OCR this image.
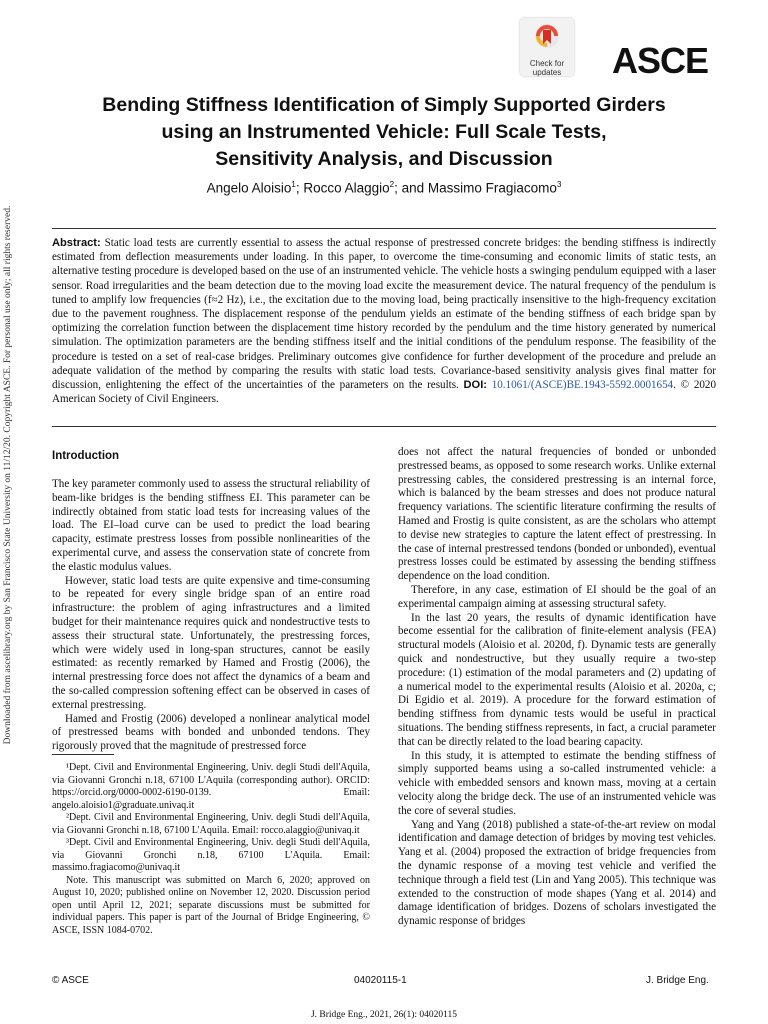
Check for
updates	ASCE
Bending Stiffness Identification of Simply Supported Girders
using an Instrumented Vehicle: Full Scale Tests,
Sensitivity Analysis, and Discussion
Angelo Aloisio$^1$; Rocco Alaggio$^2$; and Massimo Fragiacomo$^3$
Downloaded from ascelibrary.org by San Francisco State University on 11/12/20. Copyright ASCE. For personal use only; all rights reserved.	Abstract: Static load tests are currently essential to assess the actual response of prestressed concrete bridges: the bending stiffness is indirectly estimated from deflection measurements under loading. In this paper, to overcome the time-consuming and economic limits of static tests, an alternative testing procedure is developed based on the use of an instrumented vehicle. The vehicle hosts a swinging pendulum equipped with a laser sensor. Road irregularities and the beam detection due to the moving load excite the measurement device. The natural frequency of the pendulum is tuned to amplify low frequencies (f≈2 Hz), i.e., the excitation due to the moving load, being practically insensitive to the high-frequency excitation due to the pavement roughness. The displacement response of the pendulum yields an estimate of the bending stiffness of each bridge span by optimizing the correlation function between the displacement time history recorded by the pendulum and the time history generated by numerical simulation. The optimization parameters are the bending stiffness itself and the initial conditions of the pendulum response. The feasibility of the procedure is tested on a set of real-case bridges. Preliminary outcomes give confidence for further development of the procedure and prelude an adequate validation of the method by comparing the results with static load tests. Covariance-based sensitivity analysis gives final matter for discussion, enlightening the effect of the uncertainties of the parameters on the results. DOI: 10.1061/(ASCE)BE.1943-5592.0001654. © 2020 American Society of Civil Engineers.
Introduction

The key parameter commonly used to assess the structural reliability of beam-like bridges is the bending stiffness EI. This parameter can be indirectly obtained from static load tests for increasing values of the load. The EI–load curve can be used to predict the load bearing capacity, estimate prestress losses from possible nonlinearities of the experimental curve, and assess the conservation state of concrete from the elastic modulus values.

However, static load tests are quite expensive and time-consuming to be repeated for every single bridge span of an entire road infrastructure: the problem of aging infrastructures and a limited budget for their maintenance requires quick and nondestructive tests to assess their structural state. Unfortunately, the prestressing forces, which were widely used in long-span structures, cannot be easily estimated: as recently remarked by Hamed and Frostig (2006), the internal prestressing force does not affect the dynamics of a beam and the so-called compression softening effect can be observed in cases of external prestressing.

Hamed and Frostig (2006) developed a nonlinear analytical model of prestressed beams with bonded and unbonded tendons. They rigorously proved that the magnitude of prestressed force

¹Dept. Civil and Environmental Engineering, Univ. degli Studi dell'Aquila, via Giovanni Gronchi n.18, 67100 L'Aquila (corresponding author). ORCID: https://orcid.org/0000-0002-6190-0139. Email: angelo.aloisio1@graduate.univaq.it

²Dept. Civil and Environmental Engineering, Univ. degli Studi dell'Aquila, via Giovanni Gronchi n.18, 67100 L'Aquila. Email: rocco.alaggio@univaq.it

³Dept. Civil and Environmental Engineering, Univ. degli Studi dell'Aquila, via Giovanni Gronchi n.18, 67100 L'Aquila. Email: massimo.fragiacomo@univaq.it

Note. This manuscript was submitted on March 6, 2020; approved on August 10, 2020; published online on November 12, 2020. Discussion period open until April 12, 2021; separate discussions must be submitted for individual papers. This paper is part of the Journal of Bridge Engineering, © ASCE, ISSN 1084-0702.

does not affect the natural frequencies of bonded or unbonded prestressed beams, as opposed to some research works. Unlike external prestressing cables, the considered prestressing is an internal force, which is balanced by the beam stresses and does not produce natural frequency variations. The scientific literature confirming the results of Hamed and Frostig is quite consistent, as are the scholars who attempt to devise new strategies to capture the latent effect of prestressing. In the case of internal prestressed tendons (bonded or unbonded), eventual prestress losses could be estimated by assessing the bending stiffness dependence on the load condition.

Therefore, in any case, estimation of EI should be the goal of an experimental campaign aiming at assessing structural safety.

In the last 20 years, the results of dynamic identification have become essential for the calibration of finite-element analysis (FEA) structural models (Aloisio et al. 2020d, f). Dynamic tests are generally quick and nondestructive, but they usually require a two-step procedure: (1) estimation of the modal parameters and (2) updating of a numerical model to the experimental results (Aloisio et al. 2020a, c; Di Egidio et al. 2019). A procedure for the forward estimation of bending stiffness from dynamic tests would be useful in practical situations. The bending stiffness represents, in fact, a crucial parameter that can be directly related to the load bearing capacity.

In this study, it is attempted to estimate the bending stiffness of simply supported beams using a so-called instrumented vehicle: a vehicle with embedded sensors and known mass, moving at a certain velocity along the bridge deck. The use of an instrumented vehicle was the core of several studies.

Yang and Yang (2018) published a state-of-the-art review on modal identification and damage detection of bridges by moving test vehicles. Yang et al. (2004) proposed the extraction of bridge frequencies from the dynamic response of a moving test vehicle and verified the technique through a field test (Lin and Yang 2005). This technique was extended to the construction of mode shapes (Yang et al. 2014) and damage identification of bridges. Dozens of scholars investigated the dynamic response of bridges

© ASCE	04020115-1	J. Bridge Eng.
J. Bridge Eng., 2021, 26(1): 04020115
